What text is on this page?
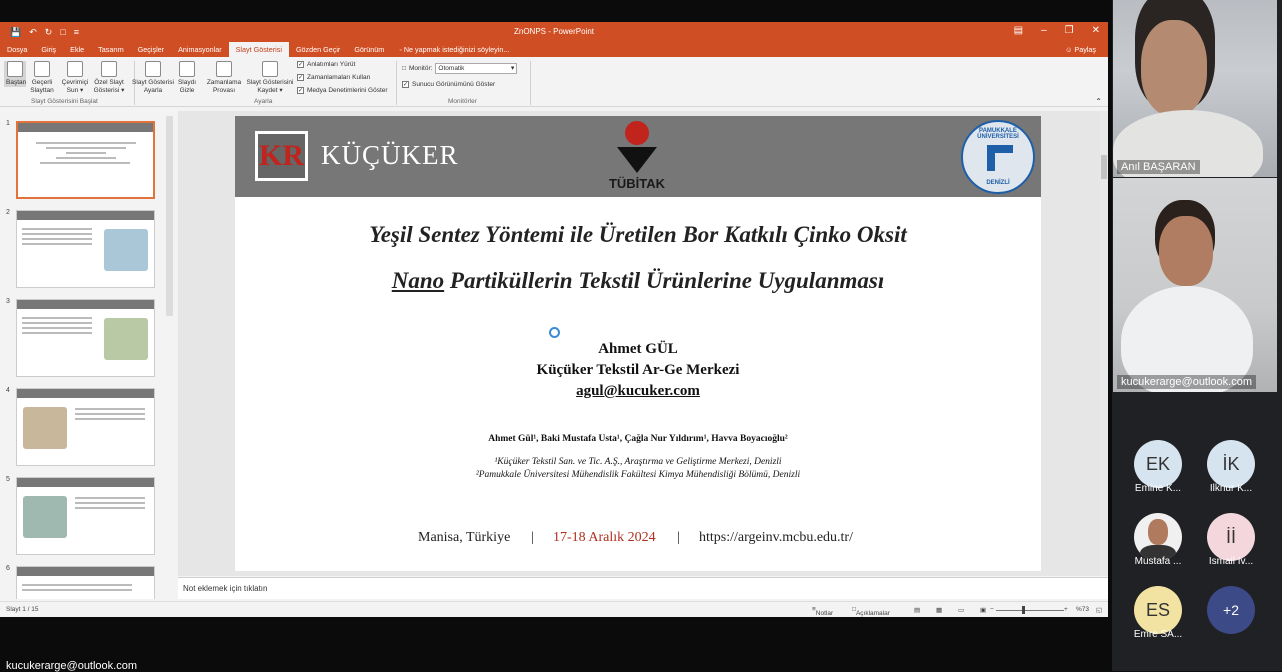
💾 ↶ ↻ □ ≡	ZnONPS - PowerPoint	▤ – ❐ ✕
Dosya	Giriş	Ekle	Tasarım	Geçişler	Animasyonlar	Slayt Gösterisi	Gözden Geçir	Görünüm	◦ Ne yapmak istediğinizi söyleyin...	☺ Paylaş
Baştan Geçerli
Slayttan
Çevrimiçi
Sun ▾
Özel Slayt
Gösterisi ▾
Slayt Gösterisini Başlat
Slayt Gösterisi
Ayarla
Slaydı
Gizle
Zamanlama
Provası
Slayt Gösterisini
Kaydet ▾
✓ Anlatımları Yürüt
✓ Zamanlamaları Kullan
✓ Medya Denetimlerini Göster
Ayarla
□ Monitör: Otomatik ▾
✓ Sunucu Görünümünü Göster
Monitörler	⌃
1
2
3
4
5
6
KR KÜÇÜKER
TÜBİTAK
PAMUKKALE ÜNİVERSİTESİ
DENİZLİ
Yeşil Sentez Yöntemi ile Üretilen Bor Katkılı Çinko Oksit
Nano Partiküllerin Tekstil Ürünlerine Uygulanması
Ahmet GÜL
Küçüker Tekstil Ar-Ge Merkezi
agul@kucuker.com
Ahmet Gül¹, Baki Mustafa Usta¹, Çağla Nur Yıldırım¹, Havva Boyacıoğlu²
¹Küçüker Tekstil San. ve Tic. A.Ş., Araştırma ve Geliştirme Merkezi, Denizli
²Pamukkale Üniversitesi Mühendislik Fakültesi Kimya Mühendisliği Bölümü, Denizli
Manisa, Türkiye | 17-18 Aralık 2024 | https://argeinv.mcbu.edu.tr/
Not eklemek için tıklatın
Slayt 1 / 15	≡
Notlar
□
Açıklamalar	▤ ▦ ▭ ▣ −	+ %73 ◱
Anıl BAŞARAN
kucukerarge@outlook.com
EK
Emine K...
İK
İlknur K...
Mustafa ...
İİ
İsmail İv...
ES
Emre SA...
+2
kucukerarge@outlook.com
